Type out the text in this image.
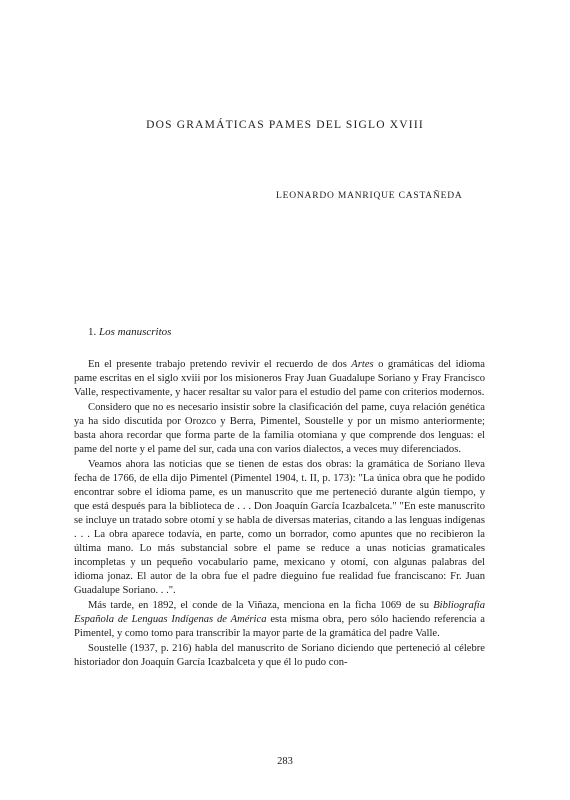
DOS GRAMÁTICAS PAMES DEL SIGLO XVIII
LEONARDO MANRIQUE CASTAÑEDA
1. Los manuscritos

En el presente trabajo pretendo revivir el recuerdo de dos Artes o gramáticas del idioma pame escritas en el siglo xviii por los misioneros Fray Juan Guadalupe Soriano y Fray Francisco Valle, respectivamente, y hacer resaltar su valor para el estudio del pame con criterios modernos.

Considero que no es necesario insistir sobre la clasificación del pame, cuya relación genética ya ha sido discutida por Orozco y Berra, Pimentel, Soustelle y por un mismo anteriormente; basta ahora recordar que forma parte de la familia otomiana y que comprende dos lenguas: el pame del norte y el pame del sur, cada una con varios dialectos, a veces muy diferenciados.

Veamos ahora las noticias que se tienen de estas dos obras: la gramática de Soriano lleva fecha de 1766, de ella dijo Pimentel (Pimentel 1904, t. II, p. 173): "La única obra que he podido encontrar sobre el idioma pame, es un manuscrito que me perteneció durante algún tiempo, y que está después para la biblioteca de . . . Don Joaquín García Icazbalceta." "En este manuscrito se incluye un tratado sobre otomí y se habla de diversas materias, citando a las lenguas indígenas . . . La obra aparece todavía, en parte, como un borrador, como apuntes que no recibieron la última mano. Lo más substancial sobre el pame se reduce a unas noticias gramaticales incompletas y un pequeño vocabulario pame, mexicano y otomí, con algunas palabras del idioma jonaz. El autor de la obra fue el padre dieguino fue realidad fue franciscano: Fr. Juan Guadalupe Soriano. . .".

Más tarde, en 1892, el conde de la Viñaza, menciona en la ficha 1069 de su Bibliografía Española de Lenguas Indígenas de América esta misma obra, pero sólo haciendo referencia a Pimentel, y como tomo para transcribir la mayor parte de la gramática del padre Valle.

Soustelle (1937, p. 216) habla del manuscrito de Soriano diciendo que perteneció al célebre historiador don Joaquín García Icazbalceta y que él lo pudo con-

283
